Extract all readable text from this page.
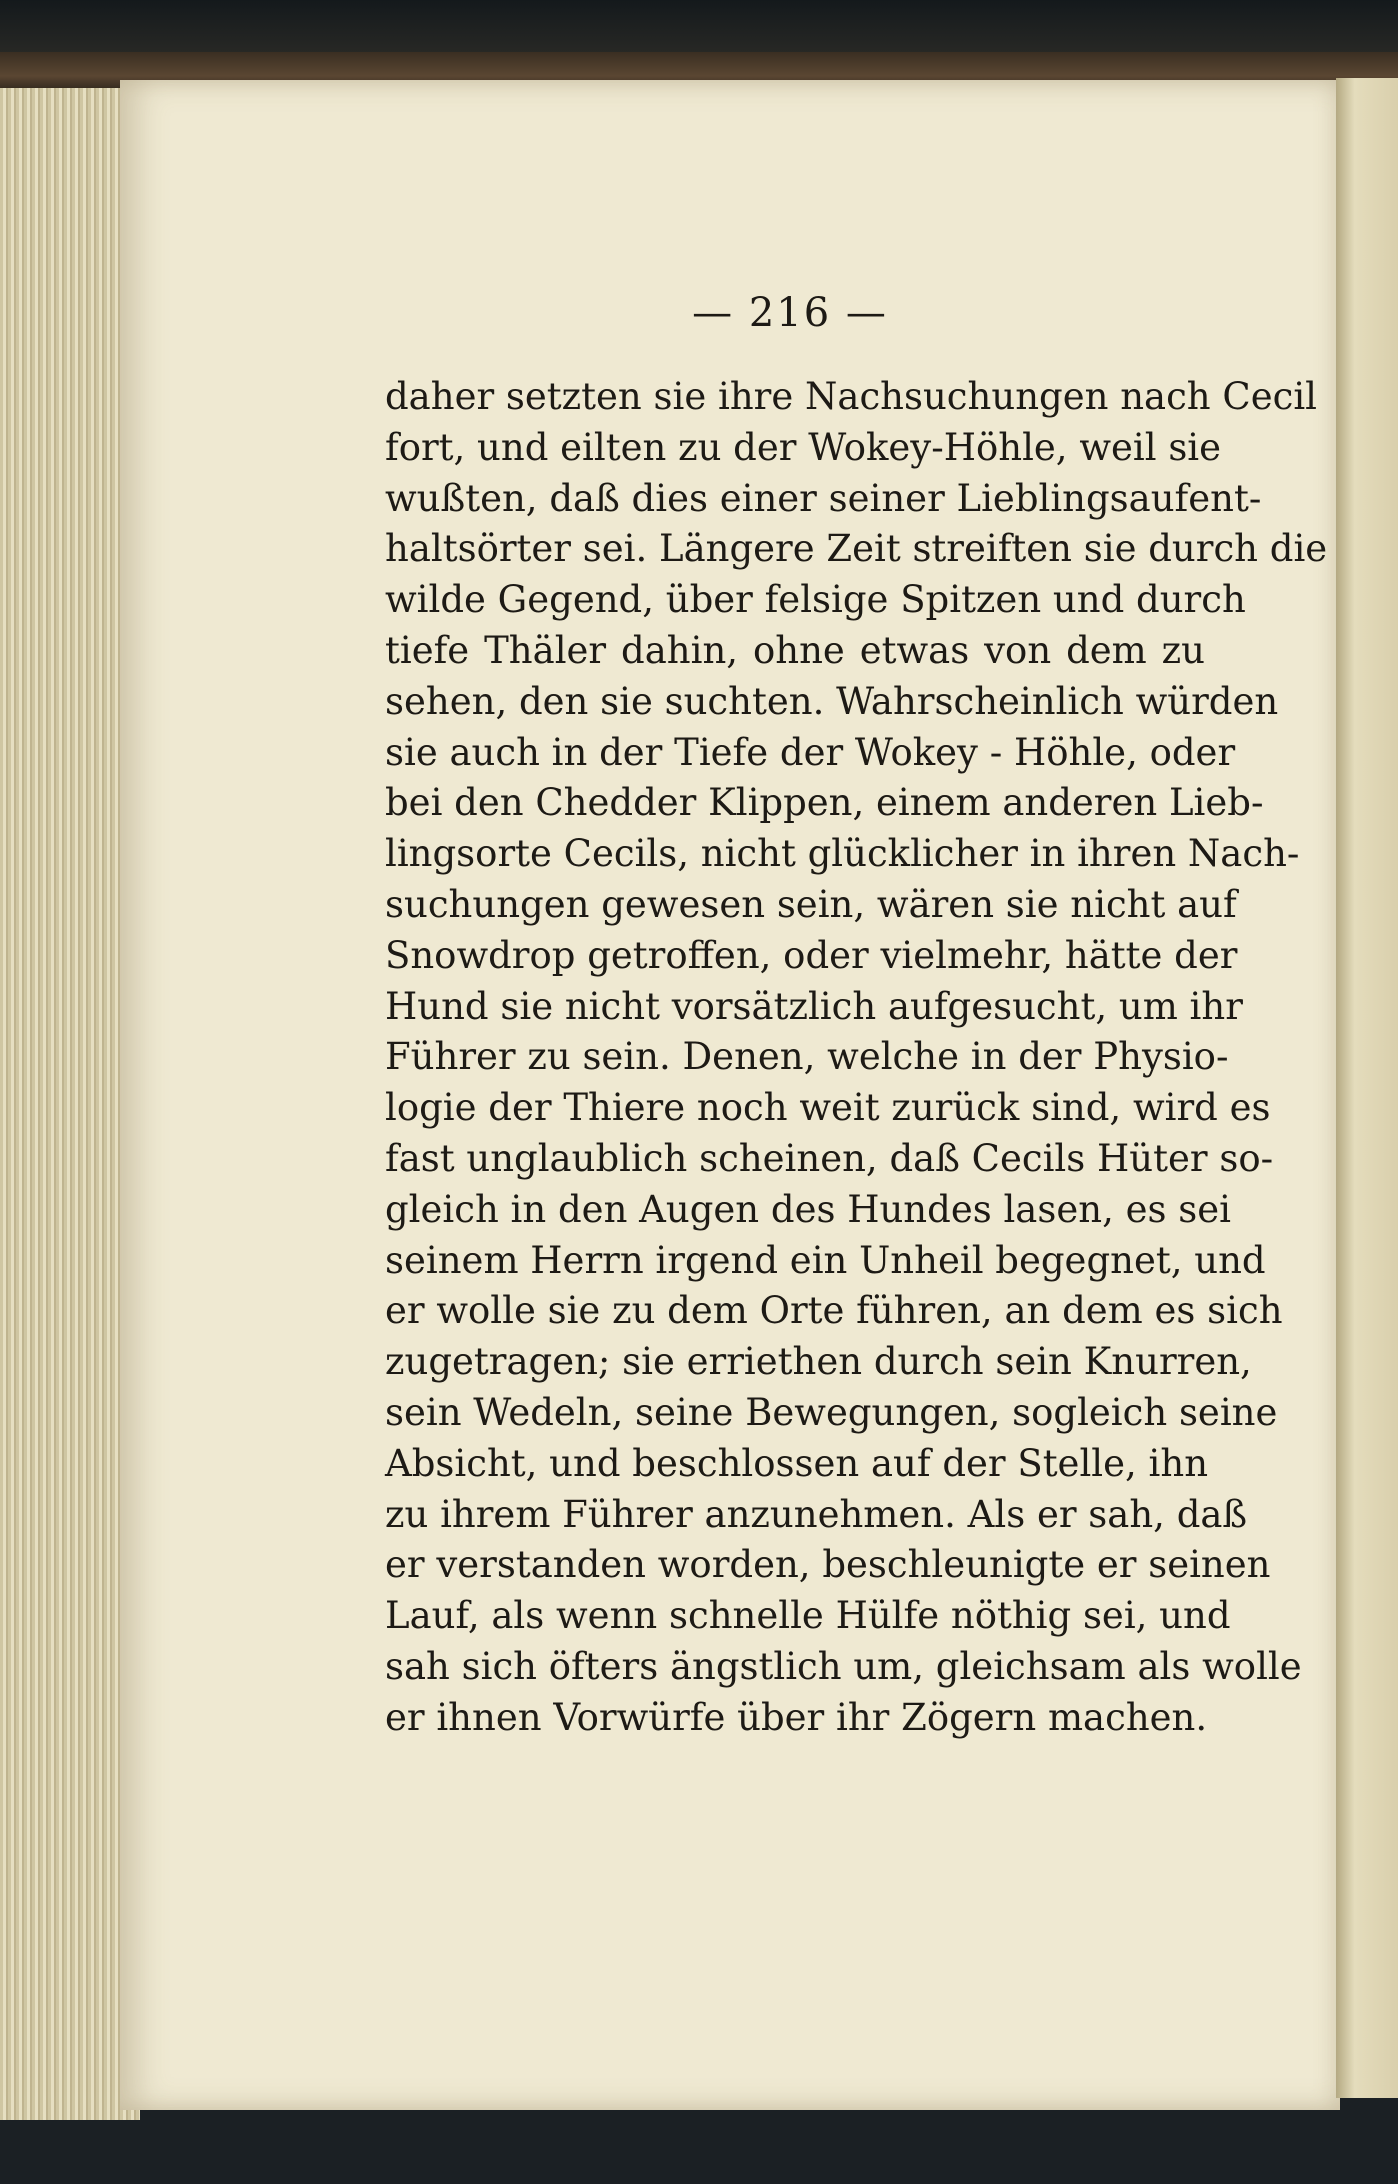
— 216 —
daher setzten sie ihre Nachsuchungen nach Cecil
fort, und eilten zu der Wokey-Höhle, weil sie
wußten, daß dies einer seiner Lieblingsaufent-
haltsörter sei. Längere Zeit streiften sie durch die
wilde Gegend, über felsige Spitzen und durch
tiefe Thäler dahin, ohne etwas von dem zu
sehen, den sie suchten. Wahrscheinlich würden
sie auch in der Tiefe der Wokey - Höhle, oder
bei den Chedder Klippen, einem anderen Lieb-
lingsorte Cecils, nicht glücklicher in ihren Nach-
suchungen gewesen sein, wären sie nicht auf
Snowdrop getroffen, oder vielmehr, hätte der
Hund sie nicht vorsätzlich aufgesucht, um ihr
Führer zu sein. Denen, welche in der Physio-
logie der Thiere noch weit zurück sind, wird es
fast unglaublich scheinen, daß Cecils Hüter so-
gleich in den Augen des Hundes lasen, es sei
seinem Herrn irgend ein Unheil begegnet, und
er wolle sie zu dem Orte führen, an dem es sich
zugetragen; sie erriethen durch sein Knurren,
sein Wedeln, seine Bewegungen, sogleich seine
Absicht, und beschlossen auf der Stelle, ihn
zu ihrem Führer anzunehmen. Als er sah, daß
er verstanden worden, beschleunigte er seinen
Lauf, als wenn schnelle Hülfe nöthig sei, und
sah sich öfters ängstlich um, gleichsam als wolle
er ihnen Vorwürfe über ihr Zögern machen.
